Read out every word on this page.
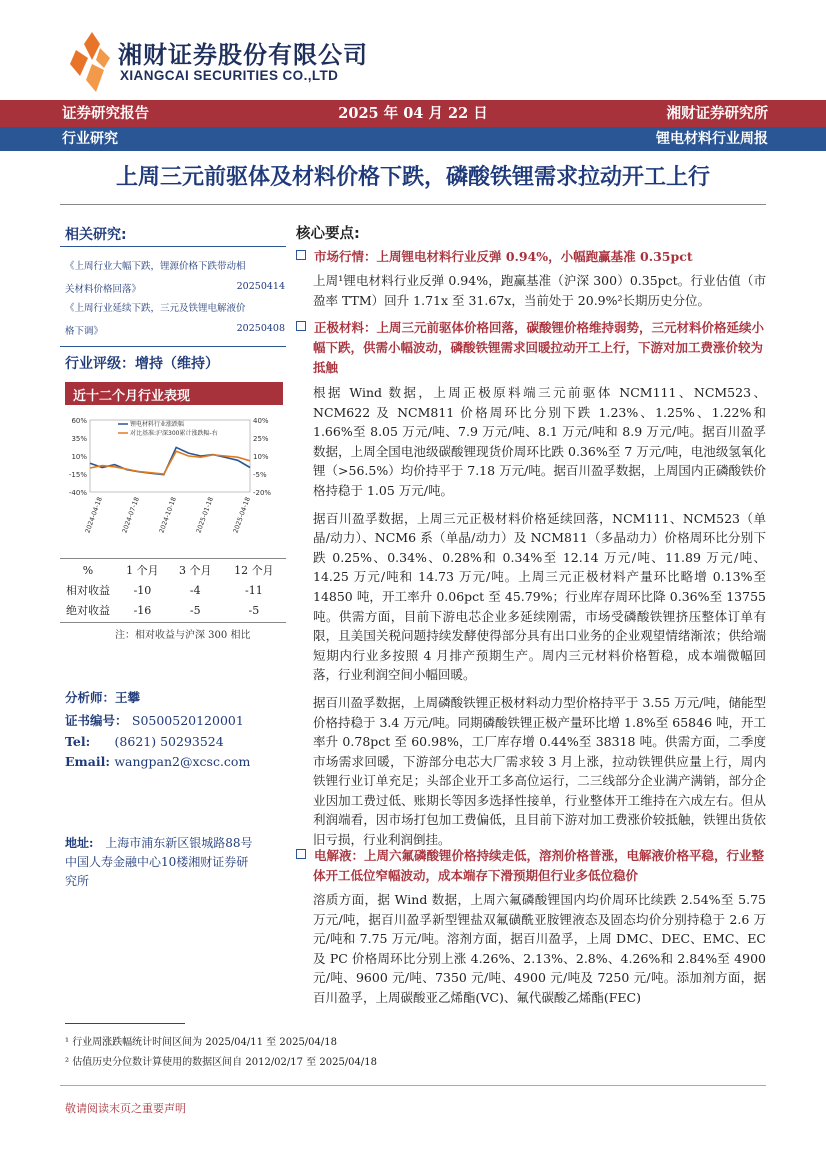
湘财证券股份有限公司
XIANGCAI SECURITIES CO.,LTD
证券研究报告	2025 年 04 月 22 日	湘财证券研究所
行业研究	锂电材料行业周报
上周三元前驱体及材料价格下跌，磷酸铁锂需求拉动开工上行
相关研究:
《上周行业大幅下跌，锂源价格下跌带动相
关材料价格回落》	20250414
《上周行业延续下跌，三元及铁锂电解液价
格下调》	20250408
行业评级：增持（维持）
近十二个月行业表现
60%
35%
10%
-15%
-40%
40%
25%
10%
-5%
-20%
2024-04-18	2024-07-18	2024-10-18	2025-01-18	2025-04-18
锂电材料行业涨跌幅
对比基准:沪深300累计涨跌幅-右
%	1 个月	3 个月	12 个月
相对收益	-10	-4	-11
绝对收益	-16	-5	-5
注：相对收益与沪深 300 相比
分析师：王攀
证书编号： S0500520120001
Tel: (8621) 50293524
Email: wangpan2@xcsc.com
地址: 上海市浦东新区银城路88号
中国人寿金融中心10楼湘财证券研
究所
核心要点:
市场行情：上周锂电材料行业反弹 0.94%，小幅跑赢基准 0.35pct
上周¹锂电材料行业反弹 0.94%，跑赢基准（沪深 300）0.35pct。行业估值（市盈率 TTM）回升 1.71x 至 31.67x，当前处于 20.9%²长期历史分位。
正极材料：上周三元前驱体价格回落，碳酸锂价格维持弱势，三元材料价格延续小幅下跌，供需小幅波动，磷酸铁锂需求回暖拉动开工上行，下游对加工费涨价较为抵触
根据 Wind 数据，上周正极原料端三元前驱体 NCM111、NCM523、NCM622 及 NCM811 价格周环比分别下跌 1.23%、1.25%、1.22%和 1.66%至 8.05 万元/吨、7.9 万元/吨、8.1 万元/吨和 8.9 万元/吨。据百川盈孚数据，上周全国电池级碳酸锂现货价周环比跌 0.36%至 7 万元/吨，电池级氢氧化锂（>56.5%）均价持平于 7.18 万元/吨。据百川盈孚数据，上周国内正磷酸铁价格持稳于 1.05 万元/吨。
据百川盈孚数据，上周三元正极材料价格延续回落，NCM111、NCM523（单晶/动力）、NCM6 系（单晶/动力）及 NCM811（多晶动力）价格周环比分别下跌 0.25%、0.34%、0.28%和 0.34%至 12.14 万元/吨、11.89 万元/吨、14.25 万元/吨和 14.73 万元/吨。上周三元正极材料产量环比略增 0.13%至 14850 吨，开工率升 0.06pct 至 45.79%；行业库存周环比降 0.36%至 13755 吨。供需方面，目前下游电芯企业多延续刚需，市场受磷酸铁锂挤压整体订单有限，且美国关税问题持续发酵使得部分具有出口业务的企业观望情绪渐浓；供给端短期内行业多按照 4 月排产预期生产。周内三元材料价格暂稳，成本端微幅回落，行业利润空间小幅回暖。
据百川盈孚数据，上周磷酸铁锂正极材料动力型价格持平于 3.55 万元/吨，储能型价格持稳于 3.4 万元/吨。同期磷酸铁锂正极产量环比增 1.8%至 65846 吨，开工率升 0.78pct 至 60.98%，工厂库存增 0.44%至 38318 吨。供需方面，二季度市场需求回暖，下游部分电芯大厂需求较 3 月上涨，拉动铁锂供应量上行，周内铁锂行业订单充足；头部企业开工多高位运行，二三线部分企业满产满销，部分企业因加工费过低、账期长等因多选择性接单，行业整体开工维持在六成左右。但从利润端看，因市场打包加工费偏低，且目前下游对加工费涨价较抵触，铁锂出货依旧亏损，行业利润倒挂。
电解液：上周六氟磷酸锂价格持续走低，溶剂价格普涨，电解液价格平稳，行业整体开工低位窄幅波动，成本端存下滑预期但行业多低位稳价
溶质方面，据 Wind 数据，上周六氟磷酸锂国内均价周环比续跌 2.54%至 5.75 万元/吨，据百川盈孚新型锂盐双氟磺酰亚胺锂液态及固态均价分别持稳于 2.6 万元/吨和 7.75 万元/吨。溶剂方面，据百川盈孚，上周 DMC、DEC、EMC、EC 及 PC 价格周环比分别上涨 4.26%、2.13%、2.8%、4.26%和 2.84%至 4900 元/吨、9600 元/吨、7350 元/吨、4900 元/吨及 7250 元/吨。添加剂方面，据百川盈孚，上周碳酸亚乙烯酯(VC)、氟代碳酸乙烯酯(FEC)
¹ 行业周涨跌幅统计时间区间为 2025/04/11 至 2025/04/18
² 估值历史分位数计算使用的数据区间自 2012/02/17 至 2025/04/18
敬请阅读末页之重要声明
